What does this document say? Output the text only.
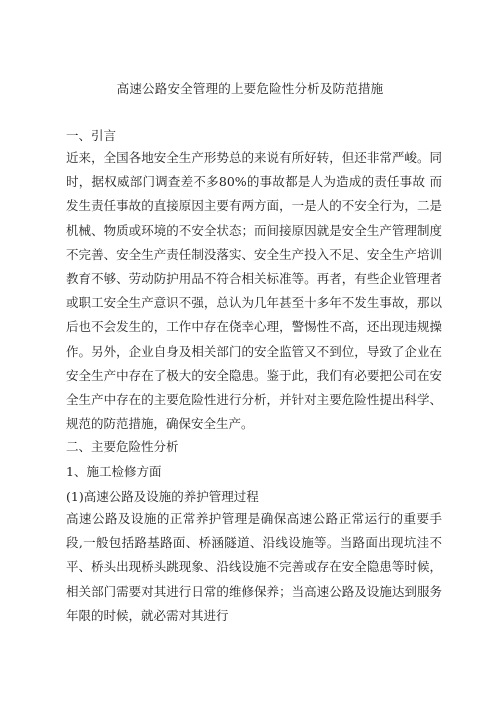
高速公路安全管理的上要危险性分析及防范措施
一、引言
近来，全国各地安全生产形势总的来说有所好转，但还非常严峻。同时，据权威部门调查差不多80%的事故都是人为造成的责任事故 而发生责任事故的直接原因主要有两方面，一是人的不安全行为，二是机械、物质或环境的不安全状态；而间接原因就是安全生产管理制度不完善、安全生产责任制没落实、安全生产投入不足、安全生产培训教育不够、劳动防护用品不符合相关标准等。再者，有些企业管理者或职工安全生产意识不强，总认为几年甚至十多年不发生事故，那以后也不会发生的，工作中存在侥幸心理，警惕性不高，还出现违规操作。另外，企业自身及相关部门的安全监管又不到位，导致了企业在安全生产中存在了极大的安全隐患。鉴于此，我们有必要把公司在安全生产中存在的主要危险性进行分析，并针对主要危险性提出科学、规范的防范措施，确保安全生产。
二、主要危险性分析
1、施工检修方面
(1)高速公路及设施的养护管理过程
高速公路及设施的正常养护管理是确保高速公路正常运行的重要手段,一般包括路基路面、桥涵隧道、沿线设施等。当路面出现坑洼不平、桥头出现桥头跳现象、沿线设施不完善或存在安全隐患等时候，相关部门需要对其进行日常的维修保养；当高速公路及设施达到服务年限的时候，就必需对其进行
